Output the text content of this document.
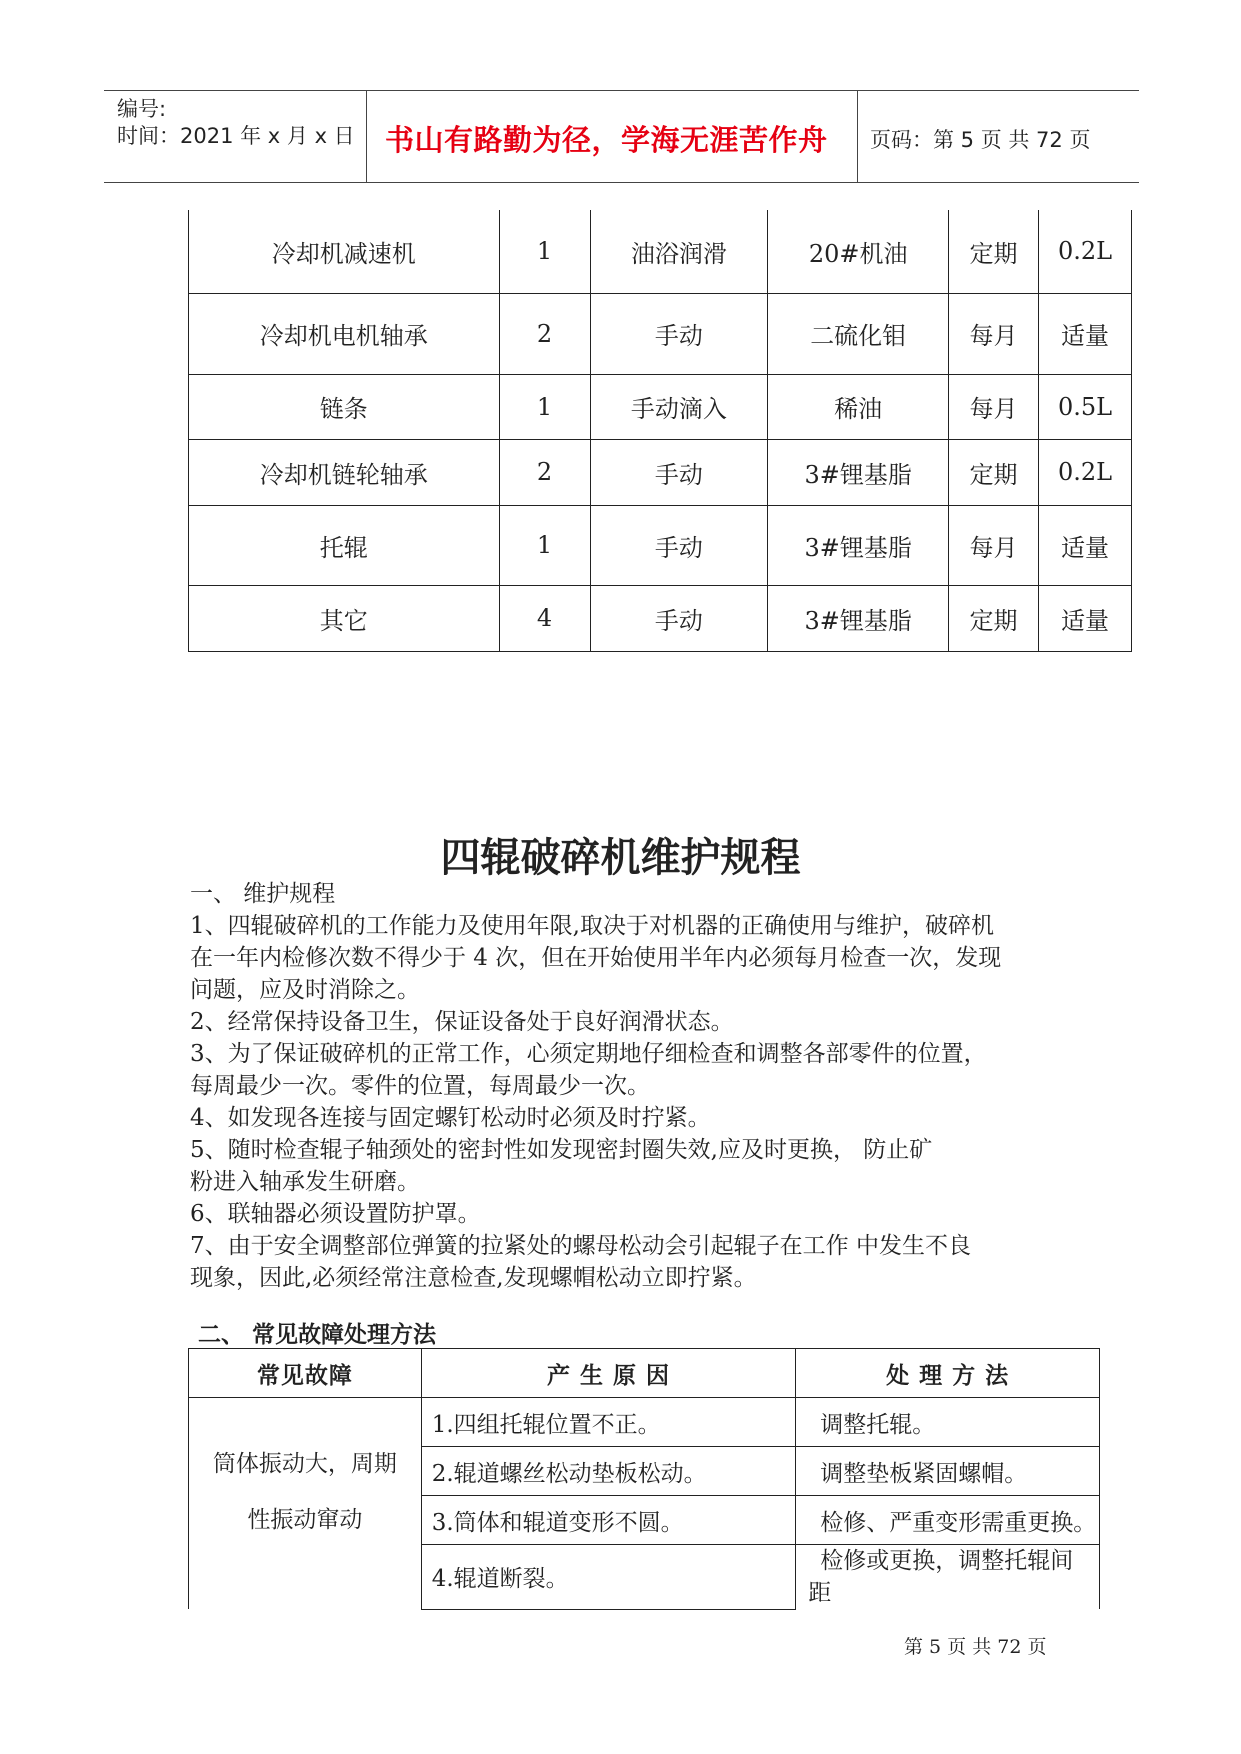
编号:
时间：2021 年 x 月 x 日 书山有路勤为径，学海无涯苦作舟 页码：第 5 页 共 72 页
冷却机减速机	1	油浴润滑	20#机油	定期	0.2L
冷却机电机轴承	2	手动	二硫化钼	每月	适量
链条	1	手动滴入	稀油	每月	0.5L
冷却机链轮轴承	2	手动	3#锂基脂	定期	0.2L
托辊	1	手动	3#锂基脂	每月	适量
其它	4	手动	3#锂基脂	定期	适量
四辊破碎机维护规程
一、 维护规程
1、四辊破碎机的工作能力及使用年限,取决于对机器的正确使用与维护，破碎机
在一年内检修次数不得少于 4 次，但在开始使用半年内必须每月检查一次，发现
问题，应及时消除之。
2、经常保持设备卫生，保证设备处于良好润滑状态。
3、为了保证破碎机的正常工作，心须定期地仔细检查和调整各部零件的位置，
每周最少一次。零件的位置，每周最少一次。
4、如发现各连接与固定螺钉松动时必须及时拧紧。
5、随时检查辊子轴颈处的密封性如发现密封圈失效,应及时更换， 防止矿
粉进入轴承发生研磨。
6、联轴器必须设置防护罩。
7、由于安全调整部位弹簧的拉紧处的螺母松动会引起辊子在工作 中发生不良
现象，因此,必须经常注意检查,发现螺帽松动立即拧紧。
二、 常见故障处理方法
常见故障	产 生 原 因	处 理 方 法

筒体振动大，周期
性振动窜动	1.四组托辊位置不正。	调整托辊。
	2.辊道螺丝松动垫板松动。	调整垫板紧固螺帽。
	3.筒体和辊道变形不圆。	检修、严重变形需重更换。
	4.辊道断裂。	检修或更换，调整托辊间
距
第 5 页 共 72 页
